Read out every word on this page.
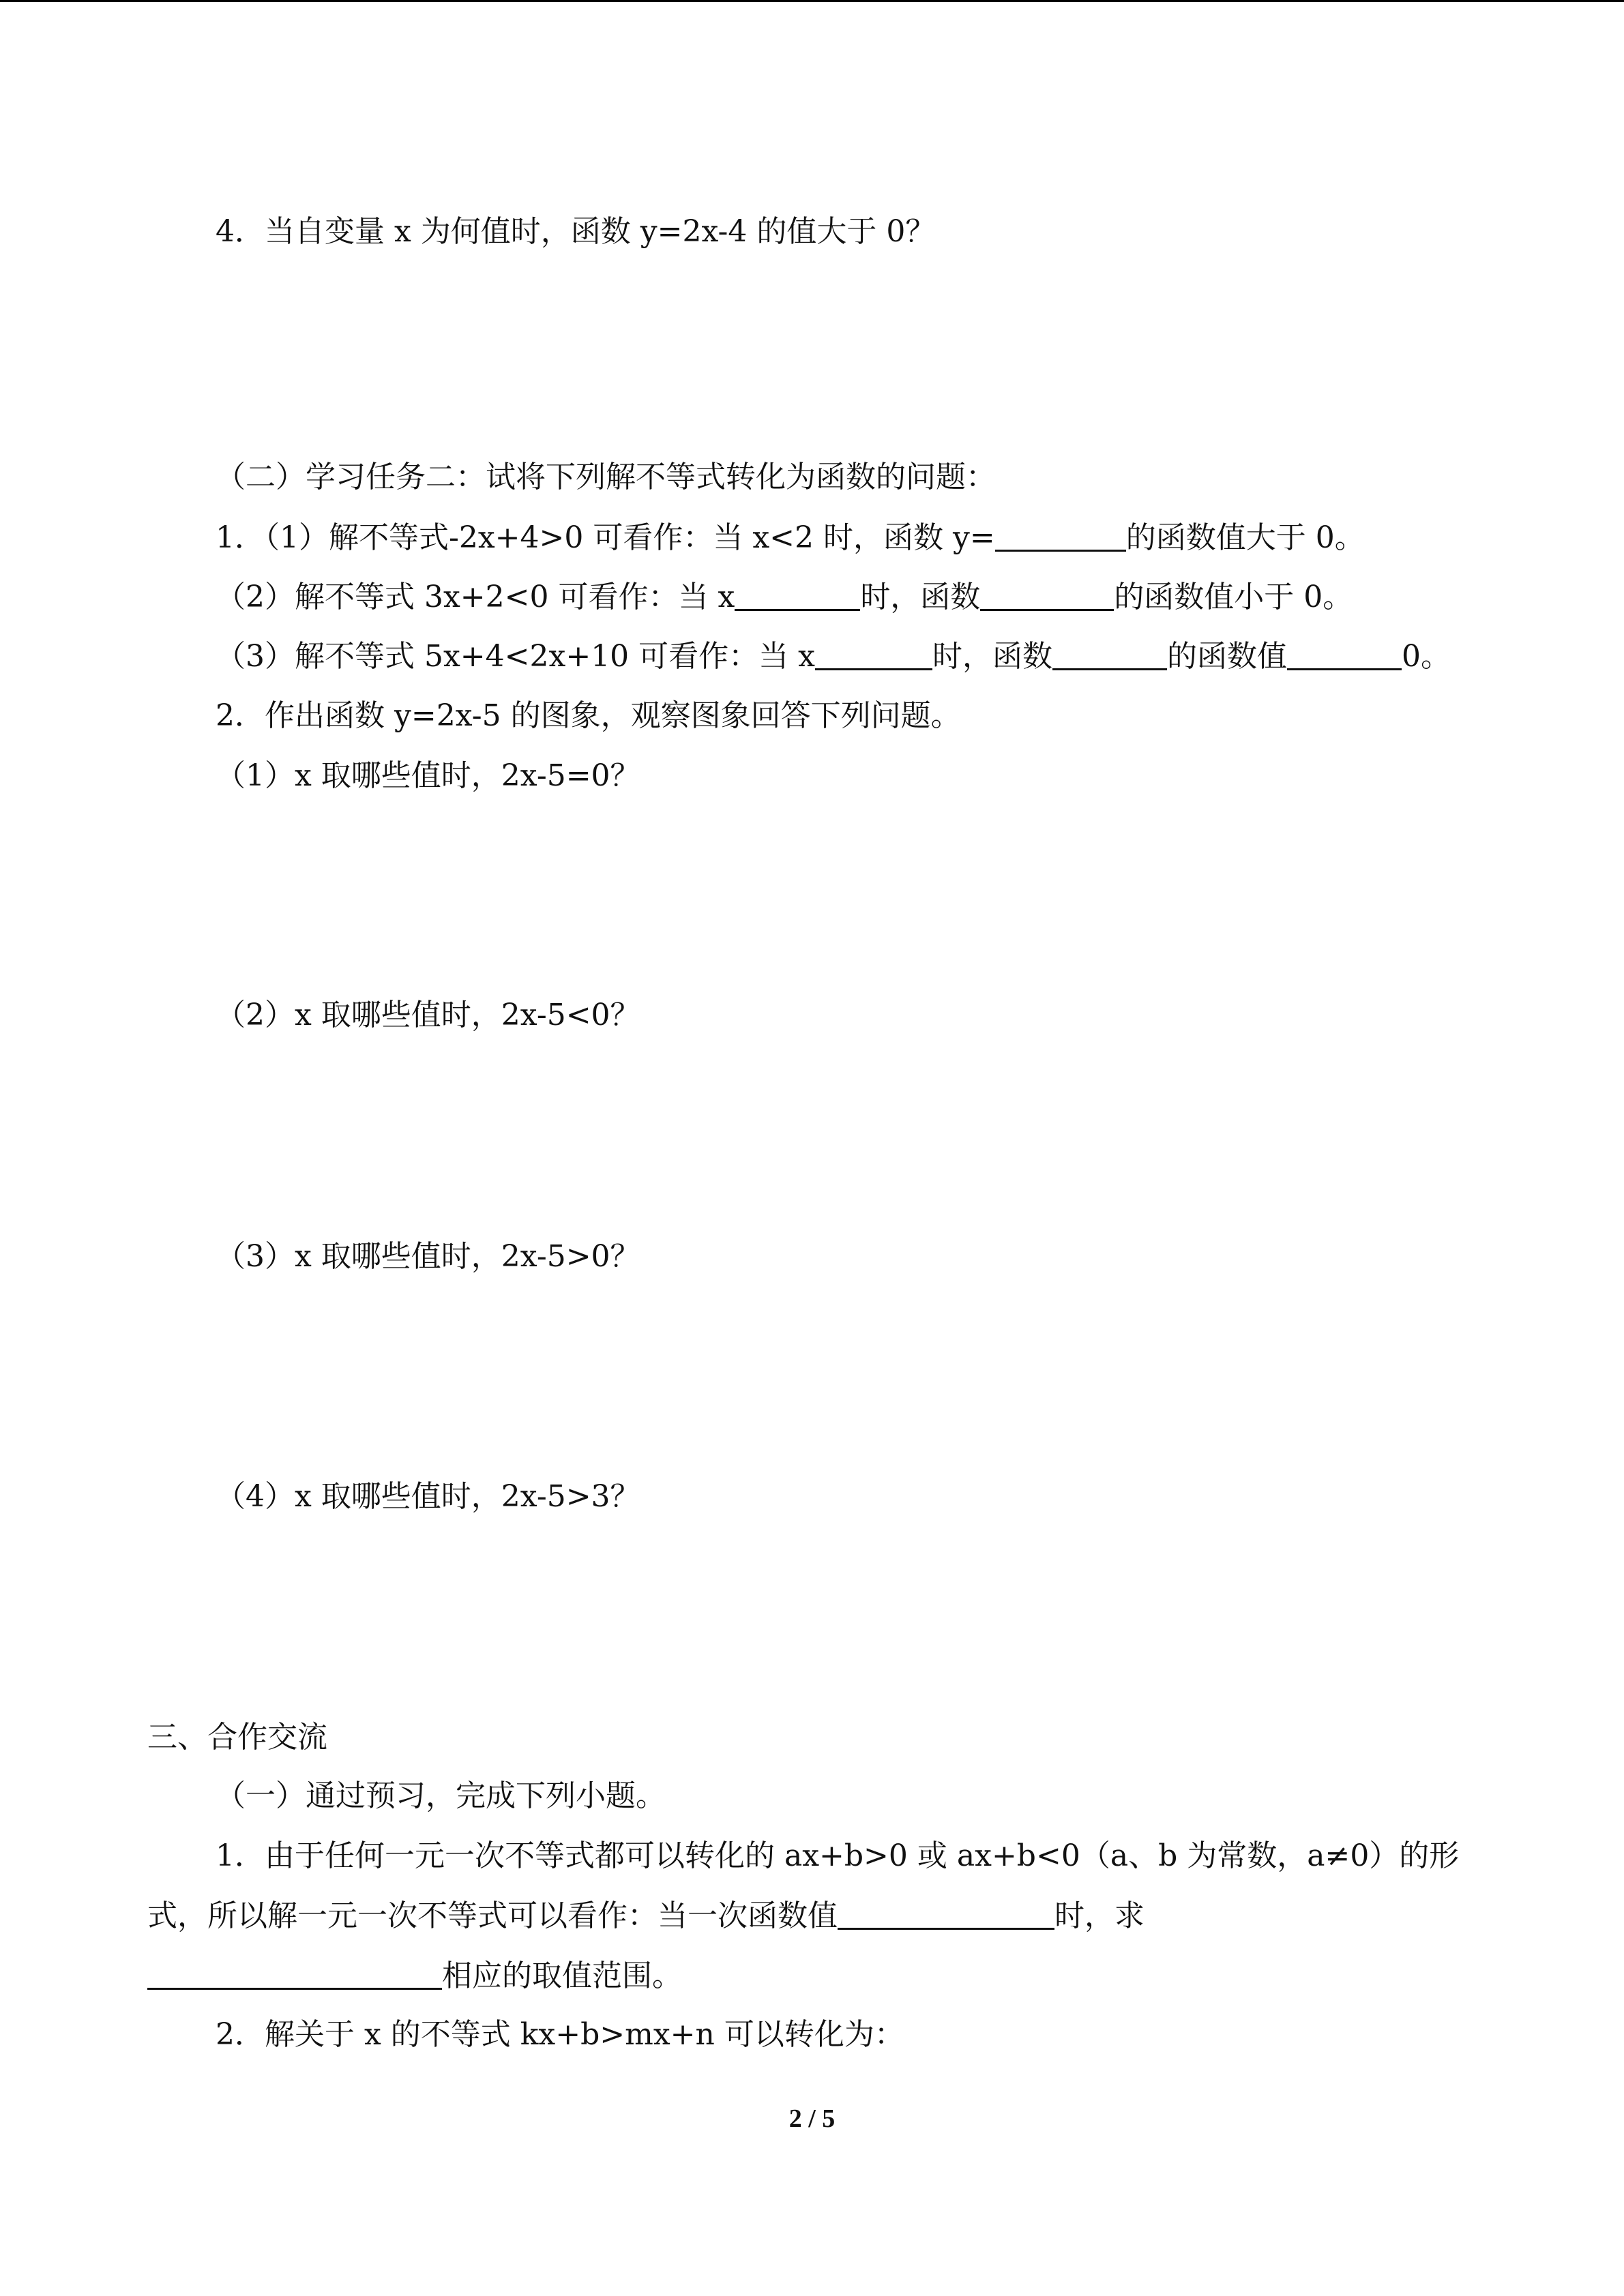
4．当自变量 x 为何值时，函数 y=2x-4 的值大于 0？
（二）学习任务二：试将下列解不等式转化为函数的问题：
1．（1）解不等式-2x+4>0 可看作：当 x<2 时，函数 y=	的函数值大于 0。
（2）解不等式 3x+2<0 可看作：当 x	时，函数	的函数值小于 0。
（3）解不等式 5x+4<2x+10 可看作：当 x	时，函数	的函数值	0。
2．作出函数 y=2x-5 的图象，观察图象回答下列问题。
（1）x 取哪些值时，2x-5=0？
（2）x 取哪些值时，2x-5<0？
（3）x 取哪些值时，2x-5>0？
（4）x 取哪些值时，2x-5>3？
三、合作交流
（一）通过预习，完成下列小题。
1．由于任何一元一次不等式都可以转化的 ax+b>0 或 ax+b<0（a、b 为常数，a≠0）的形
式，所以解一元一次不等式可以看作：当一次函数值	时，求
相应的取值范围。
2．解关于 x 的不等式 kx+b>mx+n 可以转化为：
2 / 5
